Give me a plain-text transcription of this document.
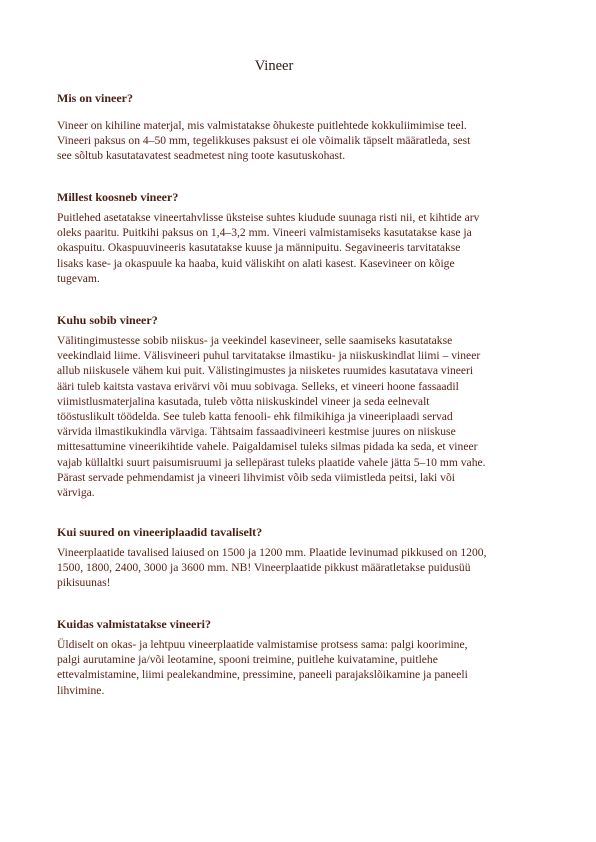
Vineer
Mis on vineer?

Vineer on kihiline materjal, mis valmistatakse õhukeste puitlehtede kokkuliimimise teel.
Vineeri paksus on 4–50 mm, tegelikkuses paksust ei ole võimalik täpselt määratleda, sest
see sõltub kasutatavatest seadmetest ning toote kasutuskohast.

Millest koosneb vineer?

Puitlehed asetatakse vineertahvlisse üksteise suhtes kiudude suunaga risti nii, et kihtide arv
oleks paaritu. Puitkihi paksus on 1,4–3,2 mm. Vineeri valmistamiseks kasutatakse kase ja
okaspuitu. Okaspuuvineeris kasutatakse kuuse ja männipuitu. Segavineeris tarvitatakse
lisaks kase- ja okaspuule ka haaba, kuid väliskiht on alati kasest. Kasevineer on kõige
tugevam.

Kuhu sobib vineer?

Välitingimustesse sobib niiskus- ja veekindel kasevineer, selle saamiseks kasutatakse
veekindlaid liime. Välisvineeri puhul tarvitatakse ilmastiku- ja niiskuskindlat liimi – vineer
allub niiskusele vähem kui puit. Välistingimustes ja niisketes ruumides kasutatava vineeri
ääri tuleb kaitsta vastava erivärvi või muu sobivaga. Selleks, et vineeri hoone fassaadil
viimistlusmaterjalina kasutada, tuleb võtta niiskuskindel vineer ja seda eelnevalt
tööstuslikult töödelda. See tuleb katta fenooli- ehk filmikihiga ja vineeriplaadi servad
värvida ilmastikukindla värviga. Tähtsaim fassaadivineeri kestmise juures on niiskuse
mittesattumine vineerikihtide vahele. Paigaldamisel tuleks silmas pidada ka seda, et vineer
vajab küllaltki suurt paisumisruumi ja sellepärast tuleks plaatide vahele jätta 5–10 mm vahe.
Pärast servade pehmendamist ja vineeri lihvimist võib seda viimistleda peitsi, laki või
värviga.

Kui suured on vineeriplaadid tavaliselt?

Vineerplaatide tavalised laiused on 1500 ja 1200 mm. Plaatide levinumad pikkused on 1200,
1500, 1800, 2400, 3000 ja 3600 mm. NB! Vineerplaatide pikkust määratletakse puidusüü
pikisuunas!

Kuidas valmistatakse vineeri?

Üldiselt on okas- ja lehtpuu vineerplaatide valmistamise protsess sama: palgi koorimine,
palgi aurutamine ja/või leotamine, spooni treimine, puitlehe kuivatamine, puitlehe
ettevalmistamine, liimi pealekandmine, pressimine, paneeli parajakslõikamine ja paneeli
lihvimine.
